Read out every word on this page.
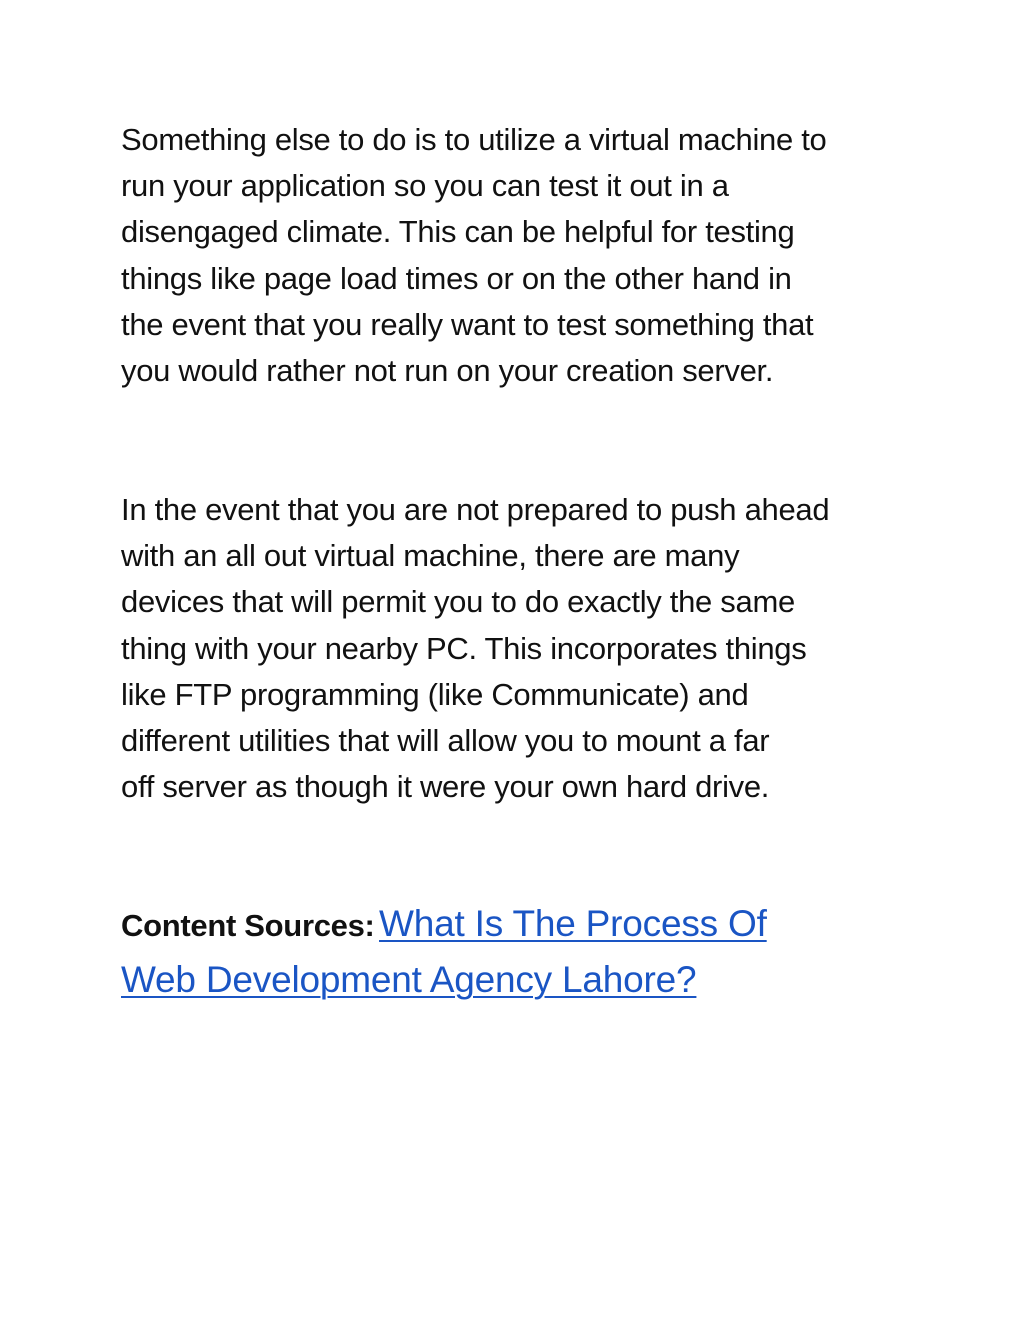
Something else to do is to utilize a virtual machine to
run your application so you can test it out in a
disengaged climate. This can be helpful for testing
things like page load times or on the other hand in
the event that you really want to test something that
you would rather not run on your creation server.

In the event that you are not prepared to push ahead
with an all out virtual machine, there are many
devices that will permit you to do exactly the same
thing with your nearby PC. This incorporates things
like FTP programming (like Communicate) and
different utilities that will allow you to mount a far
off server as though it were your own hard drive.

Content Sources: What Is The Process Of
Web Development Agency Lahore?
